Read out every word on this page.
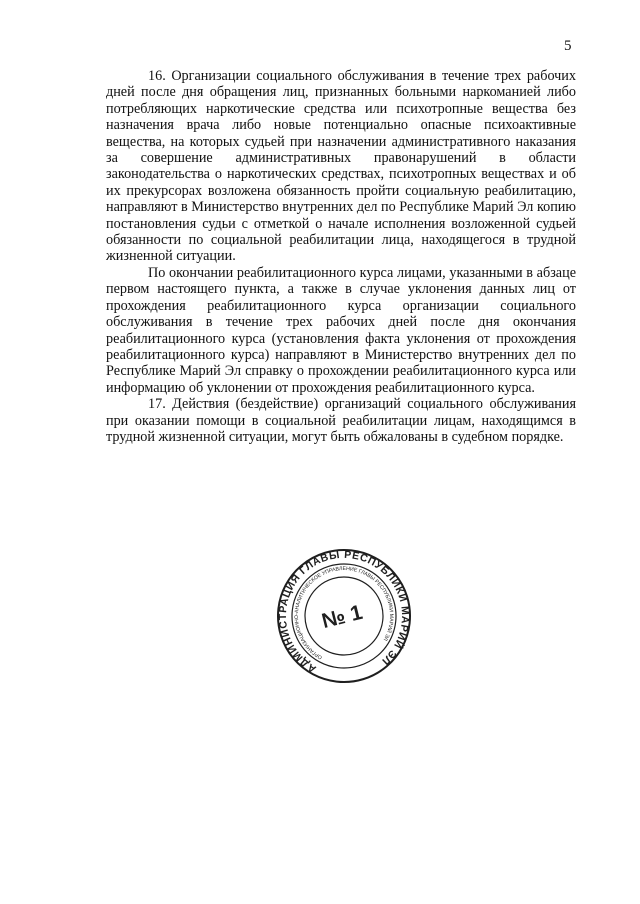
5

16. Организации социального обслуживания в течение трех рабочих дней после дня обращения лиц, признанных больными наркоманией либо потребляющих наркотические средства или психотропные вещества без назначения врача либо новые потенциально опасные психоактивные вещества, на которых судьей при назначении административного наказания за совершение административных правонарушений в области законодательства о наркотических средствах, психотропных веществах и об их прекурсорах возложена обязанность пройти социальную реабилитацию, направляют в Министерство внутренних дел по Республике Марий Эл копию постановления судьи с отметкой о начале исполнения возложенной судьей обязанности по социальной реабилитации лица, находящегося в трудной жизненной ситуации.

По окончании реабилитационного курса лицами, указанными в абзаце первом настоящего пункта, а также в случае уклонения данных лиц от прохождения реабилитационного курса организации социального обслуживания в течение трех рабочих дней после дня окончания реабилитационного курса (установления факта уклонения от прохождения реабилитационного курса) направляют в Министерство внутренних дел по Республике Марий Эл справку о прохождении реабилитационного курса или информацию об уклонении от прохождения реабилитационного курса.

17. Действия (бездействие) организаций социального обслуживания при оказании помощи в социальной реабилитации лицам, находящимся в трудной жизненной ситуации, могут быть обжалованы в судебном порядке.

АДМИНИСТРАЦИЯ ГЛАВЫ РЕСПУБЛИКИ МАРИЙ ЭЛ
ОРГАНИЗАЦИОННО-АНАЛИТИЧЕСКОЕ УПРАВЛЕНИЕ ГЛАВЫ РЕСПУБЛИКИ МАРИЙ ЭЛ
№ 1
